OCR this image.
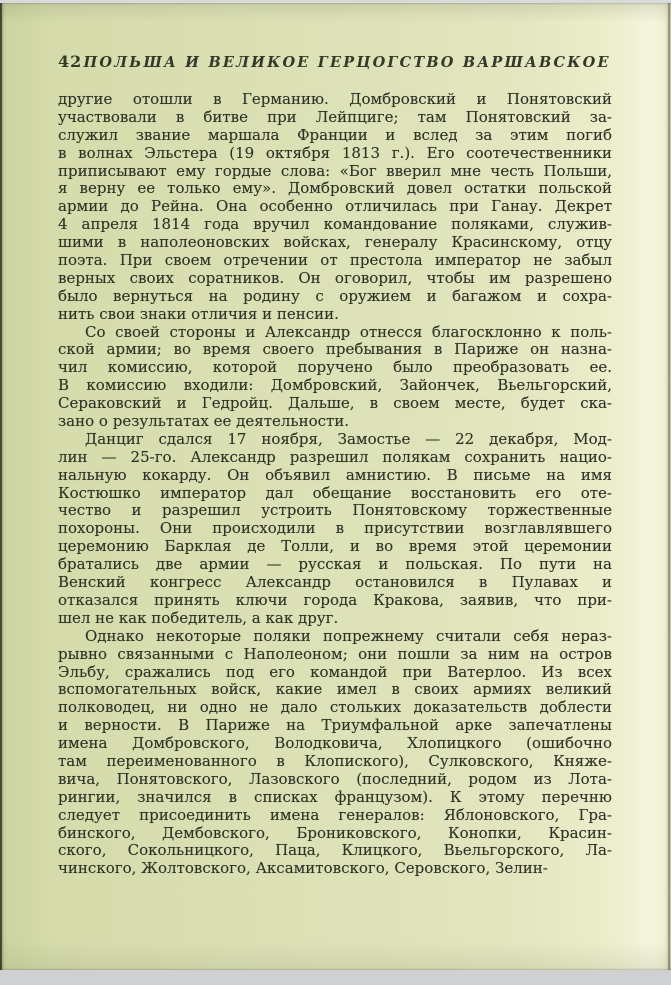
42 ПОЛЬША И ВЕЛИКОЕ ГЕРЦОГСТВО ВАРШАВСКОЕ
другие отошли в Германию. Домбровский и Понятовский
участвовали в битве при Лейпциге; там Понятовский за-
служил звание маршала Франции и вслед за этим погиб
в волнах Эльстера (19 октября 1813 г.). Его соотечественники
приписывают ему гордые слова: «Бог вверил мне честь Польши,
я верну ее только ему». Домбровский довел остатки польской
армии до Рейна. Она особенно отличилась при Ганау. Декрет
4 апреля 1814 года вручил командование поляками, служив-
шими в наполеоновских войсках, генералу Красинскому, отцу
поэта. При своем отречении от престола император не забыл
верных своих соратников. Он оговорил, чтобы им разрешено
было вернуться на родину с оружием и багажом и сохра-
нить свои знаки отличия и пенсии.
Со своей стороны и Александр отнесся благосклонно к поль-
ской армии; во время своего пребывания в Париже он назна-
чил комиссию, которой поручено было преобразовать ее.
В комиссию входили: Домбровский, Зайончек, Вьельгорский,
Сераковский и Гедройц. Дальше, в своем месте, будет ска-
зано о результатах ее деятельности.
Данциг сдался 17 ноября, Замостье — 22 декабря, Мод-
лин — 25-го. Александр разрешил полякам сохранить нацио-
нальную кокарду. Он объявил амнистию. В письме на имя
Костюшко император дал обещание восстановить его оте-
чество и разрешил устроить Понятовскому торжественные
похороны. Они происходили в присутствии возглавлявшего
церемонию Барклая де Толли, и во время этой церемонии
братались две армии — русская и польская. По пути на
Венский конгресс Александр остановился в Пулавах и
отказался принять ключи города Кракова, заявив, что при-
шел не как победитель, а как друг.
Однако некоторые поляки попрежнему считали себя нераз-
рывно связанными с Наполеоном; они пошли за ним на остров
Эльбу, сражались под его командой при Ватерлоо. Из всех
вспомогательных войск, какие имел в своих армиях великий
полководец, ни одно не дало стольких доказательств доблести
и верности. В Париже на Триумфальной арке запечатлены
имена Домбровского, Володковича, Хлопицкого (ошибочно
там переименованного в Клопиского), Сулковского, Княже-
вича, Понятовского, Лазовского (последний, родом из Лота-
рингии, значился в списках французом). К этому перечню
следует присоединить имена генералов: Яблоновского, Гра-
бинского, Дембовского, Брониковского, Конопки, Красин-
ского, Сокольницкого, Паца, Клицкого, Вьельгорского, Ла-
чинского, Жолтовского, Аксамитовского, Серовского, Зелин-
